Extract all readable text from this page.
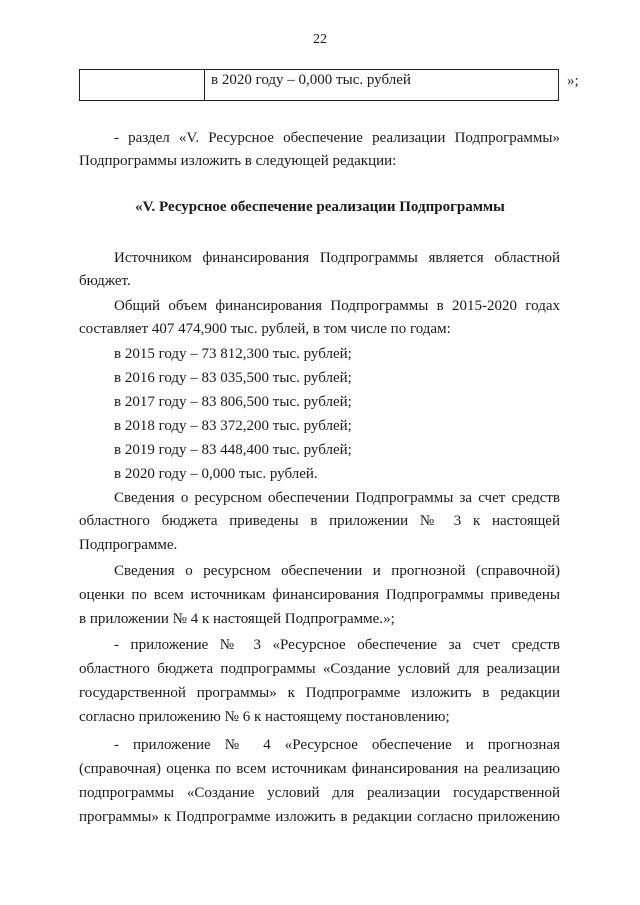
22
в 2020 году – 0,000 тыс. рублей	»;
- раздел «V. Ресурсное обеспечение реализации Подпрограммы»
Подпрограммы изложить в следующей редакции:
«V. Ресурсное обеспечение реализации Подпрограммы
Источником финансирования Подпрограммы является областной
бюджет.
Общий объем финансирования Подпрограммы в 2015-2020 годах
составляет 407 474,900 тыс. рублей, в том числе по годам:
в 2015 году – 73 812,300 тыс. рублей;
в 2016 году – 83 035,500 тыс. рублей;
в 2017 году – 83 806,500 тыс. рублей;
в 2018 году – 83 372,200 тыс. рублей;
в 2019 году – 83 448,400 тыс. рублей;
в 2020 году – 0,000 тыс. рублей.
Сведения о ресурсном обеспечении Подпрограммы за счет средств
областного бюджета приведены в приложении № 3 к настоящей
Подпрограмме.
Сведения о ресурсном обеспечении и прогнозной (справочной)
оценки по всем источникам финансирования Подпрограммы приведены
в приложении № 4 к настоящей Подпрограмме.»;
- приложение № 3 «Ресурсное обеспечение за счет средств
областного бюджета подпрограммы «Создание условий для реализации
государственной программы» к Подпрограмме изложить в редакции
согласно приложению № 6 к настоящему постановлению;
- приложение № 4 «Ресурсное обеспечение и прогнозная
(справочная) оценка по всем источникам финансирования на реализацию
подпрограммы «Создание условий для реализации государственной
программы» к Подпрограмме изложить в редакции согласно приложению
